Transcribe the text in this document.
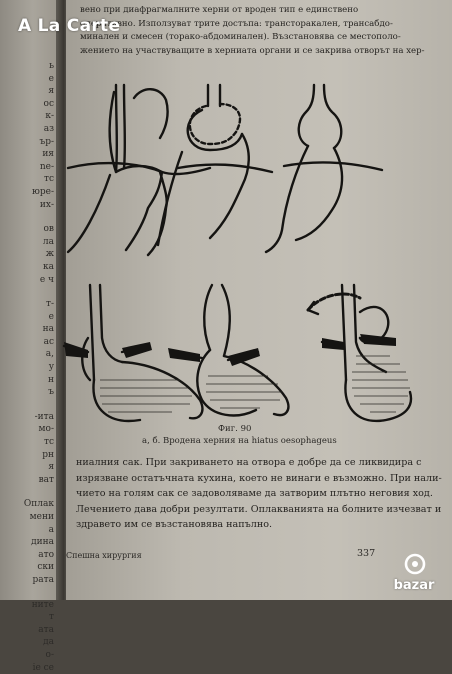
ь
е
я
ос
к-
аз
ъp-
ия
ne-
тс
юре-
их-
ов
ла
ж
ка
е ч
т-
е
на
ac
а,
у
н
ъ
-ита
мо-
тс
рн
я
ват
Оплак
мени
а
дина
ато
ски
рата
ните
т
ата
да
о-
ie ce
вено при диафрагмалните херни от вроден тип е единствено
оперативно. Използуват трите достъпа: трансторакален, трансабдо-
минален и смесен (торако-абдоминален). Възстановява се местополо-
жението на участвуващите в херниата органи и се закрива отворът на хер-
Фиг. 90
а, б. Вродена херния на hiatus oesophageus
ниалния сак. При закриването на отвора е добре да се ликвидира с
изрязване остатъчната кухина, което не винаги е възможно. При нали-
чието на голям сак се задоволяваме да затворим плътно неговия ход.
Лечението дава добри резултати. Оплакванията на болните изчезват и
здравето им се възстановява напълно.
Спешна хирургия	337
A La Carte
bazar
